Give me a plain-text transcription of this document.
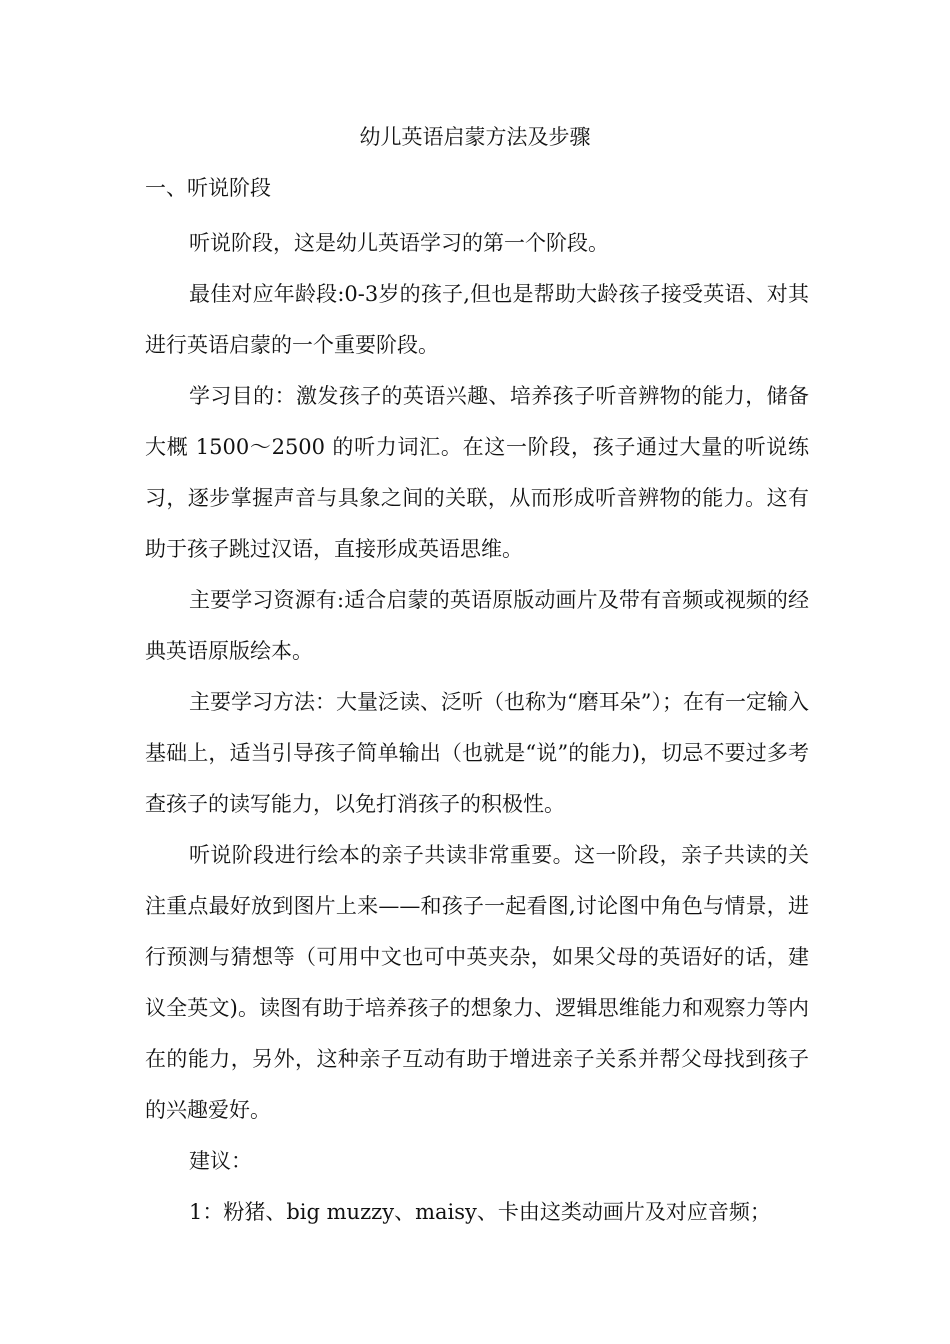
幼儿英语启蒙方法及步骤
一、听说阶段

听说阶段，这是幼儿英语学习的第一个阶段。

最佳对应年龄段:0-3岁的孩子,但也是帮助大龄孩子接受英语、对其进行英语启蒙的一个重要阶段。

学习目的：激发孩子的英语兴趣、培养孩子听音辨物的能力，储备大概 1500～2500 的听力词汇。在这一阶段，孩子通过大量的听说练习，逐步掌握声音与具象之间的关联，从而形成听音辨物的能力。这有助于孩子跳过汉语，直接形成英语思维。

主要学习资源有:适合启蒙的英语原版动画片及带有音频或视频的经典英语原版绘本。

主要学习方法：大量泛读、泛听（也称为“磨耳朵”）；在有一定输入基础上，适当引导孩子简单输出（也就是“说”的能力)，切忌不要过多考查孩子的读写能力，以免打消孩子的积极性。

听说阶段进行绘本的亲子共读非常重要。这一阶段，亲子共读的关注重点最好放到图片上来——和孩子一起看图,讨论图中角色与情景，进行预测与猜想等（可用中文也可中英夹杂，如果父母的英语好的话，建议全英文)。读图有助于培养孩子的想象力、逻辑思维能力和观察力等内在的能力，另外，这种亲子互动有助于增进亲子关系并帮父母找到孩子的兴趣爱好。

建议：

1：粉猪、big muzzy、maisy、卡由这类动画片及对应音频；
